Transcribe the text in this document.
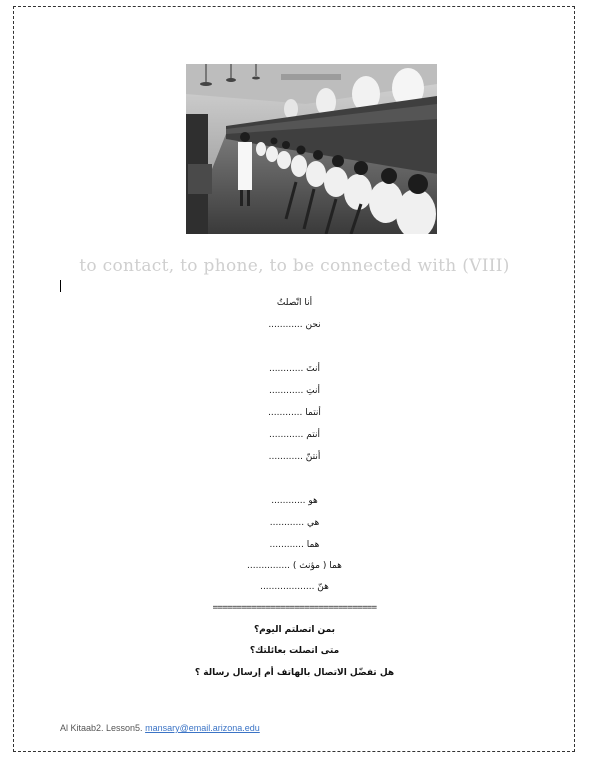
to contact, to phone, to be connected with (VIII)
أنا اتّصلتُ
نحن ............
أنتَ ............
أنتِ ............
أنتما ............
أنتم ............
أنتنّ ............
هو ............
هي ............
هما ............
هما ( مؤنث ) ...............
هنّ ...................
==================================
بمن اتصلتم اليوم؟
متى اتصلت بعائلتك؟
هل تفضّل الاتصال بالهاتف أم إرسال رسالة ؟
Al Kitaab2. Lesson5. mansary@email.arizona.edu
